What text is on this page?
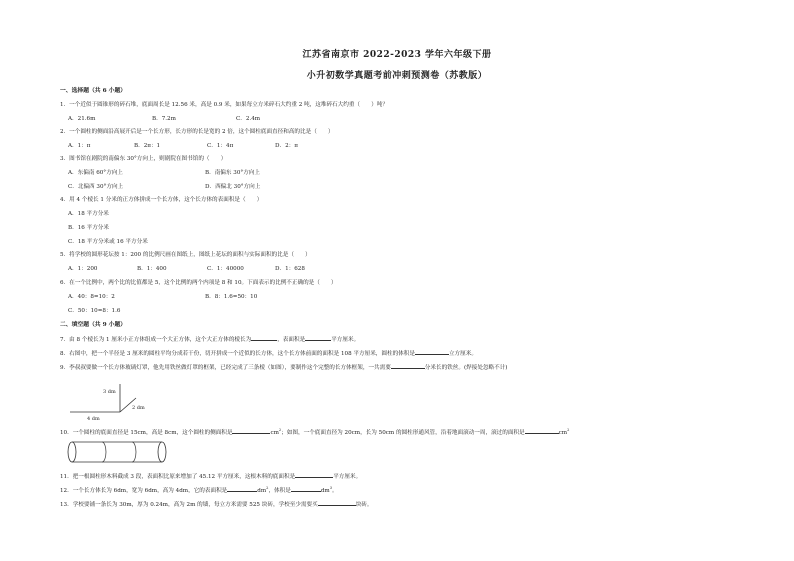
江苏省南京市 2022-2023 学年六年级下册
小升初数学真题考前冲刺预测卷（苏教版）
一、选择题（共 6 小题）
1．一个近似于圆锥形的碎石堆，底面周长是 12.56 米，高是 0.9 米，如果每立方米碎石大约重 2 吨，这堆碎石大约重（　　）吨？
A．21.6m	B．7.2m	C．2.4m
2．一个圆柱的侧面沿高展开后是一个长方形，长方形的长是宽的 2 倍，这个圆柱底面直径和高的比是（　　）
A．1：π	B．2π：1	C．1：4π	D．2：π
3．图书馆在剧院的南偏东 30°方向上，则剧院在图书馆的（　　）
A．东偏南 60°方向上	B．南偏东 30°方向上
C．北偏西 30°方向上	D．西偏北 30°方向上
4．用 4 个棱长 1 分米的正方体拼成一个长方体，这个长方体的表面积是（　　）
A．18 平方分米
B．16 平方分米
C．18 平方分米或 16 平方分米
5．将学校的圆形花坛按 1：200 的比例尺画在图纸上，图纸上花坛的面积与实际面积的比是（　　）
A．1：200	B．1：400	C．1：40000	D．1：628
6．在一个比例中，两个比的比值都是 5，这个比例的两个内项是 8 和 10。下面表示的比例不正确的是（　　）
A．40：8=10：2	B．8：1.6=50：10
C．50：10=8：1.6
二、填空题（共 9 小题）
7．由 8 个棱长为 1 厘米小正方体组成一个大正方体，这个大正方体的棱长为	，表面积是	平方厘米。
8．右图中，把一个半径是 3 厘米的圆柱平均分成若干份，切开拼成一个近似的长方体，这个长方体前面的面积是 108 平方厘米，圆柱的体积是	立方厘米。
9．李叔叔要做一个长方体玻璃灯罩，他先用铁丝做灯罩的框架，已经完成了三条棱（如图），要制作这个完整的长方体框架，一共需要	分米长的铁丝。(焊接处忽略不计)
3 dm
2 dm
4 dm
10．一个圆柱的底面直径是 15cm，高是 8cm，这个圆柱的侧面积是	$cm^2$；如图，一个底面直径为 20cm，长为 50cm 的圆柱形通风管，沿着地面滚动一周，滚过的面积是	$cm^2$
11．把一根圆柱形木料截成 3 段，表面积比原来增加了 45.12 平方厘米，这根木料的底面积是	平方厘米。
12．一个长方体长为 6dm，宽为 6dm，高为 4dm，它的表面积是	$dm^2$，体积是	$dm^3$。
13．学校要铺一条长为 30m，厚为 0.24m，高为 2m 的墙，每立方米需要 525 块砖，学校至少需要买	块砖。
